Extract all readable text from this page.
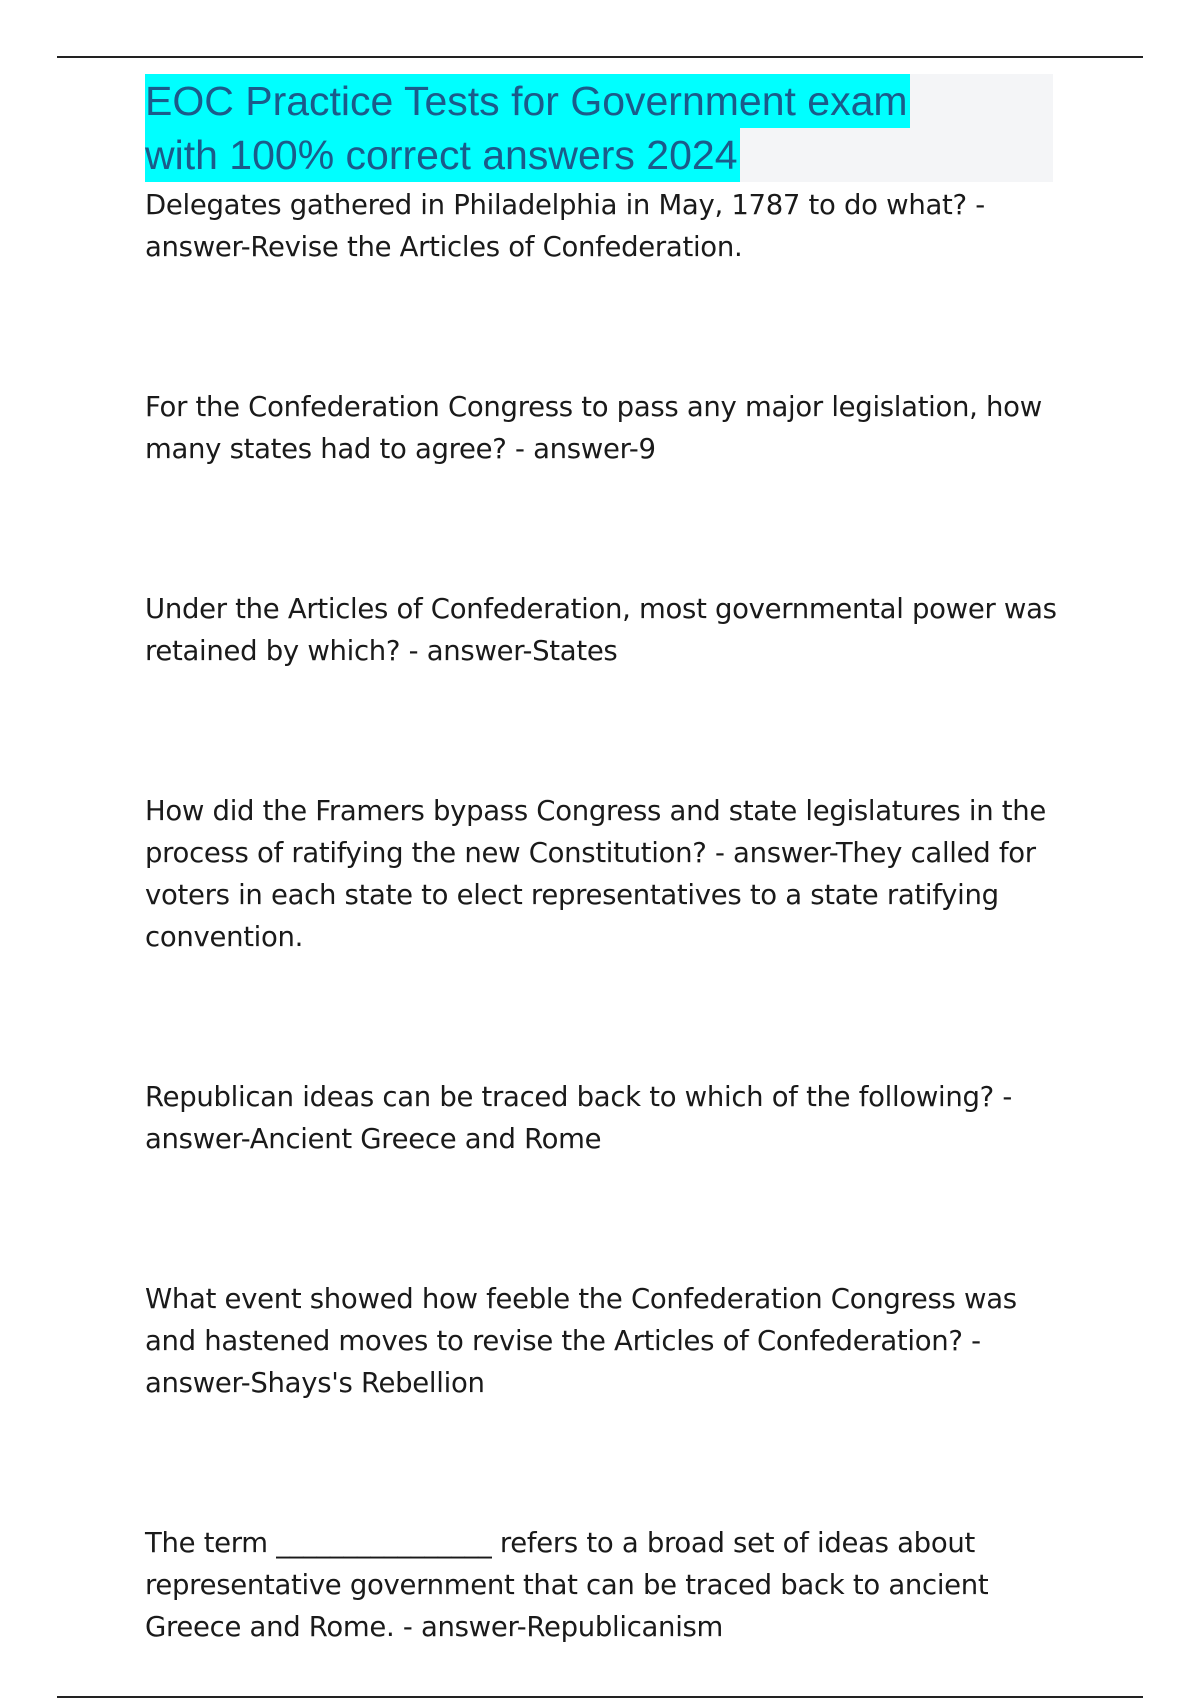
EOC Practice Tests for Government exam
with 100% correct answers 2024

Delegates gathered in Philadelphia in May, 1787 to do what? - answer-Revise the Articles of Confederation.

For the Confederation Congress to pass any major legislation, how many states had to agree? - answer-9

Under the Articles of Confederation, most governmental power was retained by which? - answer-States

How did the Framers bypass Congress and state legislatures in the process of ratifying the new Constitution? - answer-They called for voters in each state to elect representatives to a state ratifying convention.

Republican ideas can be traced back to which of the following? - answer-Ancient Greece and Rome

What event showed how feeble the Confederation Congress was and hastened moves to revise the Articles of Confederation? - answer-Shays's Rebellion

The term ________________ refers to a broad set of ideas about representative government that can be traced back to ancient Greece and Rome. - answer-Republicanism
